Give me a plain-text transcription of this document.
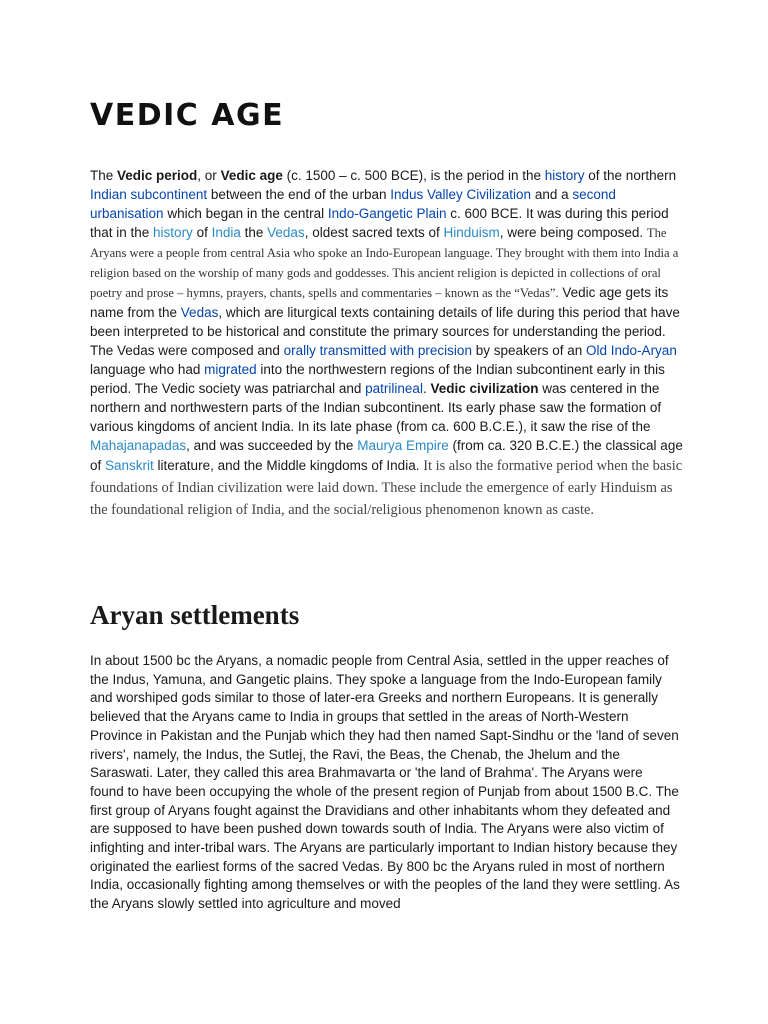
VEDIC AGE

The Vedic period, or Vedic age (c. 1500 – c. 500 BCE), is the period in the history of the northern Indian subcontinent between the end of the urban Indus Valley Civilization and a second urbanisation which began in the central Indo-Gangetic Plain c. 600 BCE. It was during this period that in the history of India the Vedas, oldest sacred texts of Hinduism, were being composed. The Aryans were a people from central Asia who spoke an Indo-European language. They brought with them into India a religion based on the worship of many gods and goddesses. This ancient religion is depicted in collections of oral poetry and prose – hymns, prayers, chants, spells and commentaries – known as the “Vedas”. Vedic age gets its name from the Vedas, which are liturgical texts containing details of life during this period that have been interpreted to be historical and constitute the primary sources for understanding the period. The Vedas were composed and orally transmitted with precision by speakers of an Old Indo-Aryan language who had migrated into the northwestern regions of the Indian subcontinent early in this period. The Vedic society was patriarchal and patrilineal. Vedic civilization was centered in the northern and northwestern parts of the Indian subcontinent. Its early phase saw the formation of various kingdoms of ancient India. In its late phase (from ca. 600 B.C.E.), it saw the rise of the Mahajanapadas, and was succeeded by the Maurya Empire (from ca. 320 B.C.E.) the classical age of Sanskrit literature, and the Middle kingdoms of India. It is also the formative period when the basic foundations of Indian civilization were laid down. These include the emergence of early Hinduism as the foundational religion of India, and the social/religious phenomenon known as caste.

Aryan settlements

In about 1500 bc the Aryans, a nomadic people from Central Asia, settled in the upper reaches of the Indus, Yamuna, and Gangetic plains. They spoke a language from the Indo-European family and worshiped gods similar to those of later-era Greeks and northern Europeans. It is generally believed that the Aryans came to India in groups that settled in the areas of North-Western Province in Pakistan and the Punjab which they had then named Sapt-Sindhu or the 'land of seven rivers', namely, the Indus, the Sutlej, the Ravi, the Beas, the Chenab, the Jhelum and the Saraswati. Later, they called this area Brahmavarta or 'the land of Brahma'. The Aryans were found to have been occupying the whole of the present region of Punjab from about 1500 B.C. The first group of Aryans fought against the Dravidians and other inhabitants whom they defeated and are supposed to have been pushed down towards south of India. The Aryans were also victim of infighting and inter-tribal wars. The Aryans are particularly important to Indian history because they originated the earliest forms of the sacred Vedas. By 800 bc the Aryans ruled in most of northern India, occasionally fighting among themselves or with the peoples of the land they were settling. As the Aryans slowly settled into agriculture and moved
